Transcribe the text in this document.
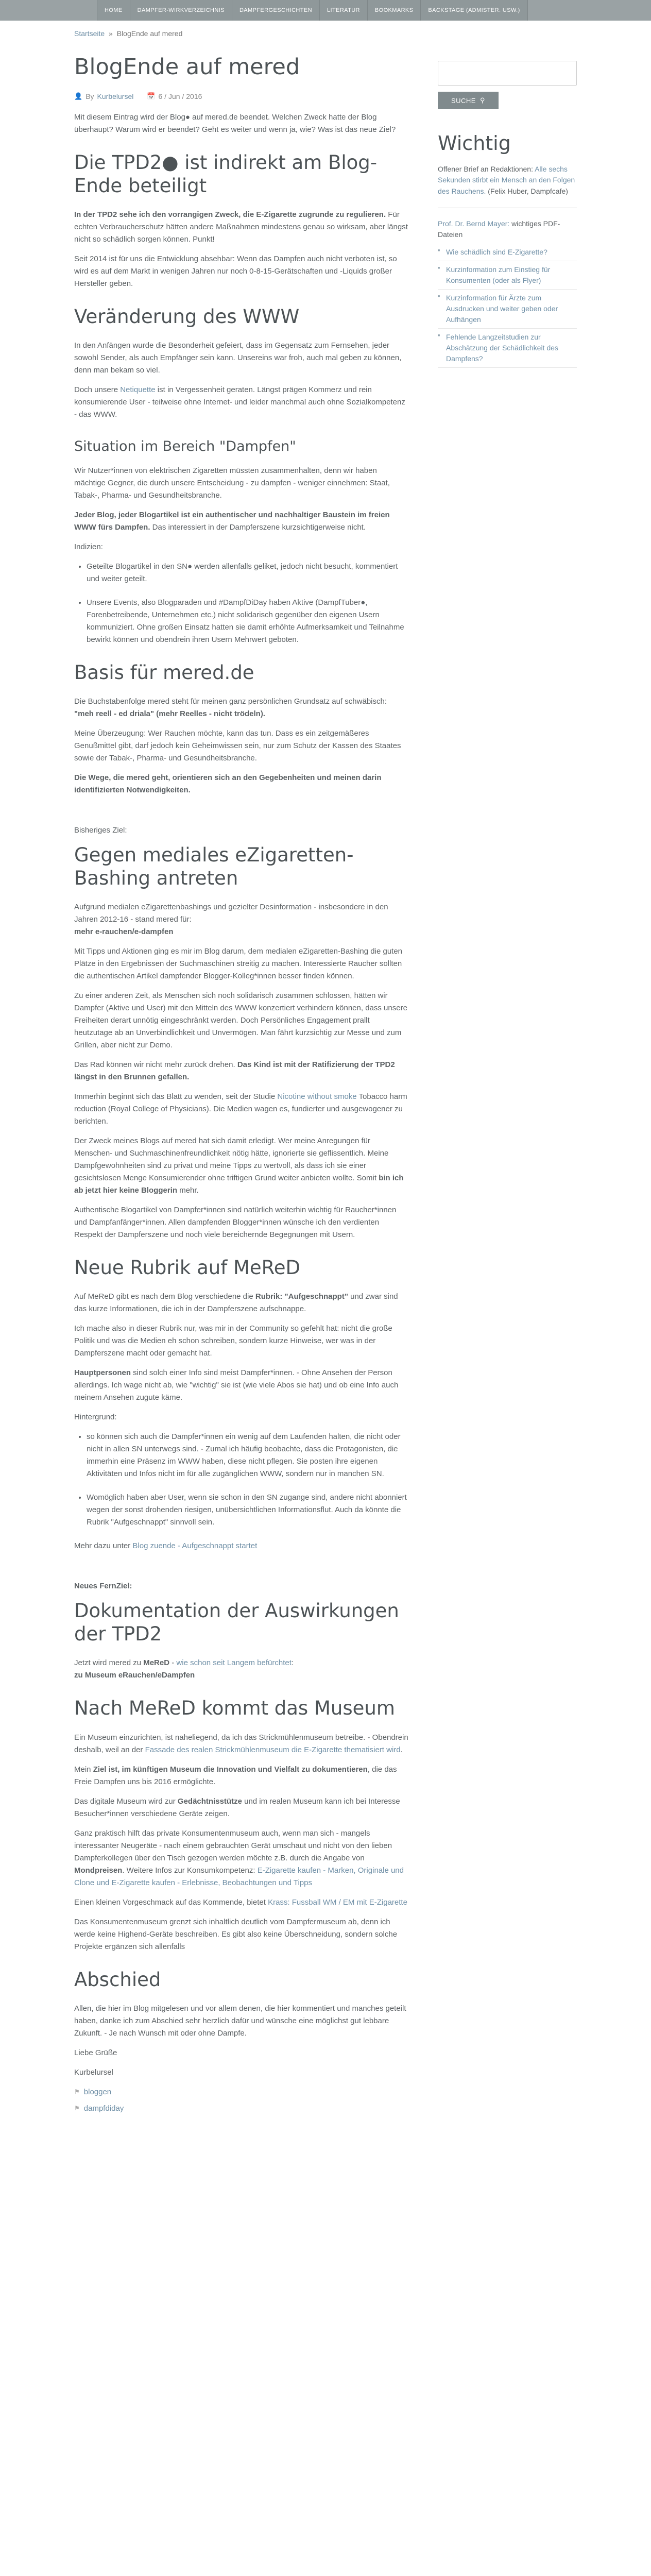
HOME	DAMPFER-WIRKVERZEICHNIS	DAMPFERGESCHICHTEN	LITERATUR	BOOKMARKS	BACKSTAGE (ADMISTER. USW.)
Startseite » BlogEnde auf mered
BlogEnde auf mered
👤 By Kurbelursel 📅 6 / Jun / 2016

Mit diesem Eintrag wird der Blog● auf mered.de beendet. Welchen Zweck hatte der Blog überhaupt? Warum wird er beendet? Geht es weiter und wenn ja, wie? Was ist das neue Ziel?

Die TPD2● ist indirekt am Blog-Ende beteiligt

In der TPD2 sehe ich den vorrangigen Zweck, die E-Zigarette zugrunde zu regulieren. Für echten Verbraucherschutz hätten andere Maßnahmen mindestens genau so wirksam, aber längst nicht so schädlich sorgen können. Punkt!

Seit 2014 ist für uns die Entwicklung absehbar: Wenn das Dampfen auch nicht verboten ist, so wird es auf dem Markt in wenigen Jahren nur noch 0-8-15-Gerätschaften und -Liquids großer Hersteller geben.

Veränderung des WWW

In den Anfängen wurde die Besonderheit gefeiert, dass im Gegensatz zum Fernsehen, jeder sowohl Sender, als auch Empfänger sein kann. Unsereins war froh, auch mal geben zu können, denn man bekam so viel.

Doch unsere Netiquette ist in Vergessenheit geraten. Längst prägen Kommerz und rein konsumierende User - teilweise ohne Internet- und leider manchmal auch ohne Sozialkompetenz - das WWW.

Situation im Bereich "Dampfen"

Wir Nutzer*innen von elektrischen Zigaretten müssten zusammenhalten, denn wir haben mächtige Gegner, die durch unsere Entscheidung - zu dampfen - weniger einnehmen: Staat, Tabak-, Pharma- und Gesundheitsbranche.

Jeder Blog, jeder Blogartikel ist ein authentischer und nachhaltiger Baustein im freien WWW fürs Dampfen. Das interessiert in der Dampferszene kurzsichtigerweise nicht.

Indizien:

• Geteilte Blogartikel in den SN● werden allenfalls geliket, jedoch nicht besucht, kommentiert und weiter geteilt.
• Unsere Events, also Blogparaden und #DampfDiDay haben Aktive (DampfTuber●, Forenbetreibende, Unternehmen etc.) nicht solidarisch gegenüber den eigenen Usern kommuniziert. Ohne großen Einsatz hatten sie damit erhöhte Aufmerksamkeit und Teilnahme bewirkt können und obendrein ihren Usern Mehrwert geboten.
Basis für mered.de

Die Buchstabenfolge mered steht für meinen ganz persönlichen Grundsatz auf schwäbisch:
"meh reell - ed driala" (mehr Reelles - nicht trödeln).

Meine Überzeugung: Wer Rauchen möchte, kann das tun. Dass es ein zeitgemäßeres Genußmittel gibt, darf jedoch kein Geheimwissen sein, nur zum Schutz der Kassen des Staates sowie der Tabak-, Pharma- und Gesundheitsbranche.

Die Wege, die mered geht, orientieren sich an den Gegebenheiten und meinen darin identifizierten Notwendigkeiten.

Bisheriges Ziel:

Gegen mediales eZigaretten-Bashing antreten

Aufgrund medialen eZigarettenbashings und gezielter Desinformation - insbesondere in den Jahren 2012-16 - stand mered für:
mehr e-rauchen/e-dampfen

Mit Tipps und Aktionen ging es mir im Blog darum, dem medialen eZigaretten-Bashing die guten Plätze in den Ergebnissen der Suchmaschinen streitig zu machen. Interessierte Raucher sollten die authentischen Artikel dampfender Blogger-Kolleg*innen besser finden können.

Zu einer anderen Zeit, als Menschen sich noch solidarisch zusammen schlossen, hätten wir Dampfer (Aktive und User) mit den Mitteln des WWW konzertiert verhindern können, dass unsere Freiheiten derart unnötig eingeschränkt werden. Doch Persönliches Engagement prallt heutzutage ab an Unverbindlichkeit und Unvermögen. Man fährt kurzsichtig zur Messe und zum Grillen, aber nicht zur Demo.

Das Rad können wir nicht mehr zurück drehen. Das Kind ist mit der Ratifizierung der TPD2 längst in den Brunnen gefallen.

Immerhin beginnt sich das Blatt zu wenden, seit der Studie Nicotine without smoke Tobacco harm reduction (Royal College of Physicians). Die Medien wagen es, fundierter und ausgewogener zu berichten.

Der Zweck meines Blogs auf mered hat sich damit erledigt. Wer meine Anregungen für Menschen- und Suchmaschinenfreundlichkeit nötig hätte, ignorierte sie geflissentlich. Meine Dampfgewohnheiten sind zu privat und meine Tipps zu wertvoll, als dass ich sie einer gesichtslosen Menge Konsumierender ohne triftigen Grund weiter anbieten wollte. Somit bin ich ab jetzt hier keine Bloggerin mehr.

Authentische Blogartikel von Dampfer*innen sind natürlich weiterhin wichtig für Raucher*innen und Dampfanfänger*innen. Allen dampfenden Blogger*innen wünsche ich den verdienten Respekt der Dampferszene und noch viele bereichernde Begegnungen mit Usern.

Neue Rubrik auf MeReD

Auf MeReD gibt es nach dem Blog verschiedene die Rubrik: "Aufgeschnappt" und zwar sind das kurze Informationen, die ich in der Dampferszene aufschnappe.

Ich mache also in dieser Rubrik nur, was mir in der Community so gefehlt hat: nicht die große Politik und was die Medien eh schon schreiben, sondern kurze Hinweise, wer was in der Dampferszene macht oder gemacht hat.

Hauptpersonen sind solch einer Info sind meist Dampfer*innen. - Ohne Ansehen der Person allerdings. Ich wage nicht ab, wie "wichtig" sie ist (wie viele Abos sie hat) und ob eine Info auch meinem Ansehen zugute käme.

Hintergrund:

• so können sich auch die Dampfer*innen ein wenig auf dem Laufenden halten, die nicht oder nicht in allen SN unterwegs sind. - Zumal ich häufig beobachte, dass die Protagonisten, die immerhin eine Präsenz im WWW haben, diese nicht pflegen. Sie posten ihre eigenen Aktivitäten und Infos nicht im für alle zugänglichen WWW, sondern nur in manchen SN.
• Womöglich haben aber User, wenn sie schon in den SN zugange sind, andere nicht abonniert wegen der sonst drohenden riesigen, unübersichtlichen Informationsflut. Auch da könnte die Rubrik "Aufgeschnappt" sinnvoll sein.

Mehr dazu unter Blog zuende - Aufgeschnappt startet

Neues FernZiel:

Dokumentation der Auswirkungen der TPD2

Jetzt wird mered zu MeReD - wie schon seit Langem befürchtet:
zu Museum eRauchen/eDampfen

Nach MeReD kommt das Museum

Ein Museum einzurichten, ist naheliegend, da ich das Strickmühlenmuseum betreibe. - Obendrein deshalb, weil an der Fassade des realen Strickmühlenmuseum die E-Zigarette thematisiert wird.

Mein Ziel ist, im künftigen Museum die Innovation und Vielfalt zu dokumentieren, die das Freie Dampfen uns bis 2016 ermöglichte.

Das digitale Museum wird zur Gedächtnisstütze und im realen Museum kann ich bei Interesse Besucher*innen verschiedene Geräte zeigen.

Ganz praktisch hilft das private Konsumentenmuseum auch, wenn man sich - mangels interessanter Neugeräte - nach einem gebrauchten Gerät umschaut und nicht von den lieben Dampferkollegen über den Tisch gezogen werden möchte z.B. durch die Angabe von Mondpreisen. Weitere Infos zur Konsumkompetenz: E-Zigarette kaufen - Marken, Originale und Clone und E-Zigarette kaufen - Erlebnisse, Beobachtungen und Tipps

Einen kleinen Vorgeschmack auf das Kommende, bietet Krass: Fussball WM / EM mit E-Zigarette

Das Konsumentenmuseum grenzt sich inhaltlich deutlich vom Dampfermuseum ab, denn ich werde keine Highend-Geräte beschreiben. Es gibt also keine Überschneidung, sondern solche Projekte ergänzen sich allenfalls

Abschied

Allen, die hier im Blog mitgelesen und vor allem denen, die hier kommentiert und manches geteilt haben, danke ich zum Abschied sehr herzlich dafür und wünsche eine möglichst gut lebbare Zukunft. - Je nach Wunsch mit oder ohne Dampfe.

Liebe Grüße

Kurbelursel

⚑ bloggen
⚑ dampfdiday
SUCHE ⚲
Wichtig

Offener Brief an Redaktionen: Alle sechs Sekunden stirbt ein Mensch an den Folgen des Rauchens. (Felix Huber, Dampfcafe)

Prof. Dr. Bernd Mayer: wichtiges PDF-Dateien

■ Wie schädlich sind E-Zigarette?
■ Kurzinformation zum Einstieg für Konsumenten (oder als Flyer)
■ Kurzinformation für Ärzte zum Ausdrucken und weiter geben oder Aufhängen
■ Fehlende Langzeitstudien zur Abschätzung der Schädlichkeit des Dampfens?
